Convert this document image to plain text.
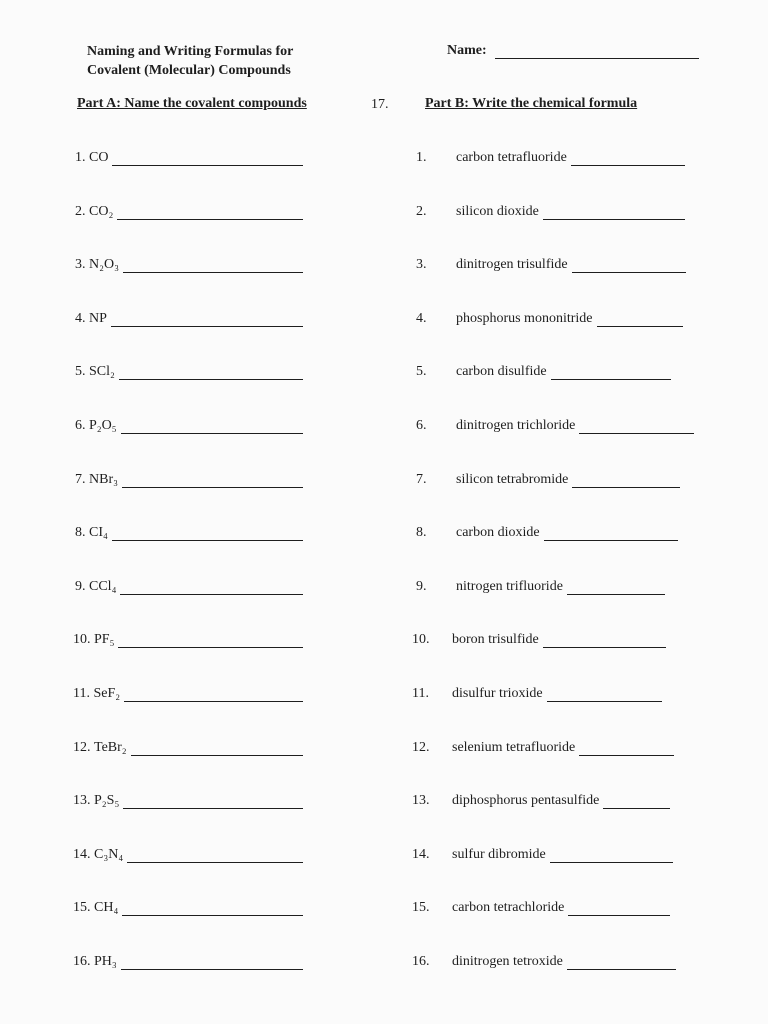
Naming and Writing Formulas for
Covalent (Molecular) Compounds
Name:
Part A: Name the covalent compounds	17.	Part B: Write the chemical formula
1.
CO
2.
CO₂
3.
N₂O₃
4.
NP
5.
SCl₂
6.
P₂O₅
7.
NBr₃
8.
CI₄
9.
CCl₄
10.
PF₅
11.
SeF₂
12.
TeBr₂
13.
P₂S₅
14.
C₃N₄
15.
CH₄
16.
PH₃
1.	carbon tetrafluoride
2.	silicon dioxide
3.	dinitrogen trisulfide
4.	phosphorus mononitride
5.	carbon disulfide
6.	dinitrogen trichloride
7.	silicon tetrabromide
8.	carbon dioxide
9.	nitrogen trifluoride
10.	boron trisulfide
11.	disulfur trioxide
12.	selenium tetrafluoride
13.	diphosphorus pentasulfide
14.	sulfur dibromide
15.	carbon tetrachloride
16.	dinitrogen tetroxide
